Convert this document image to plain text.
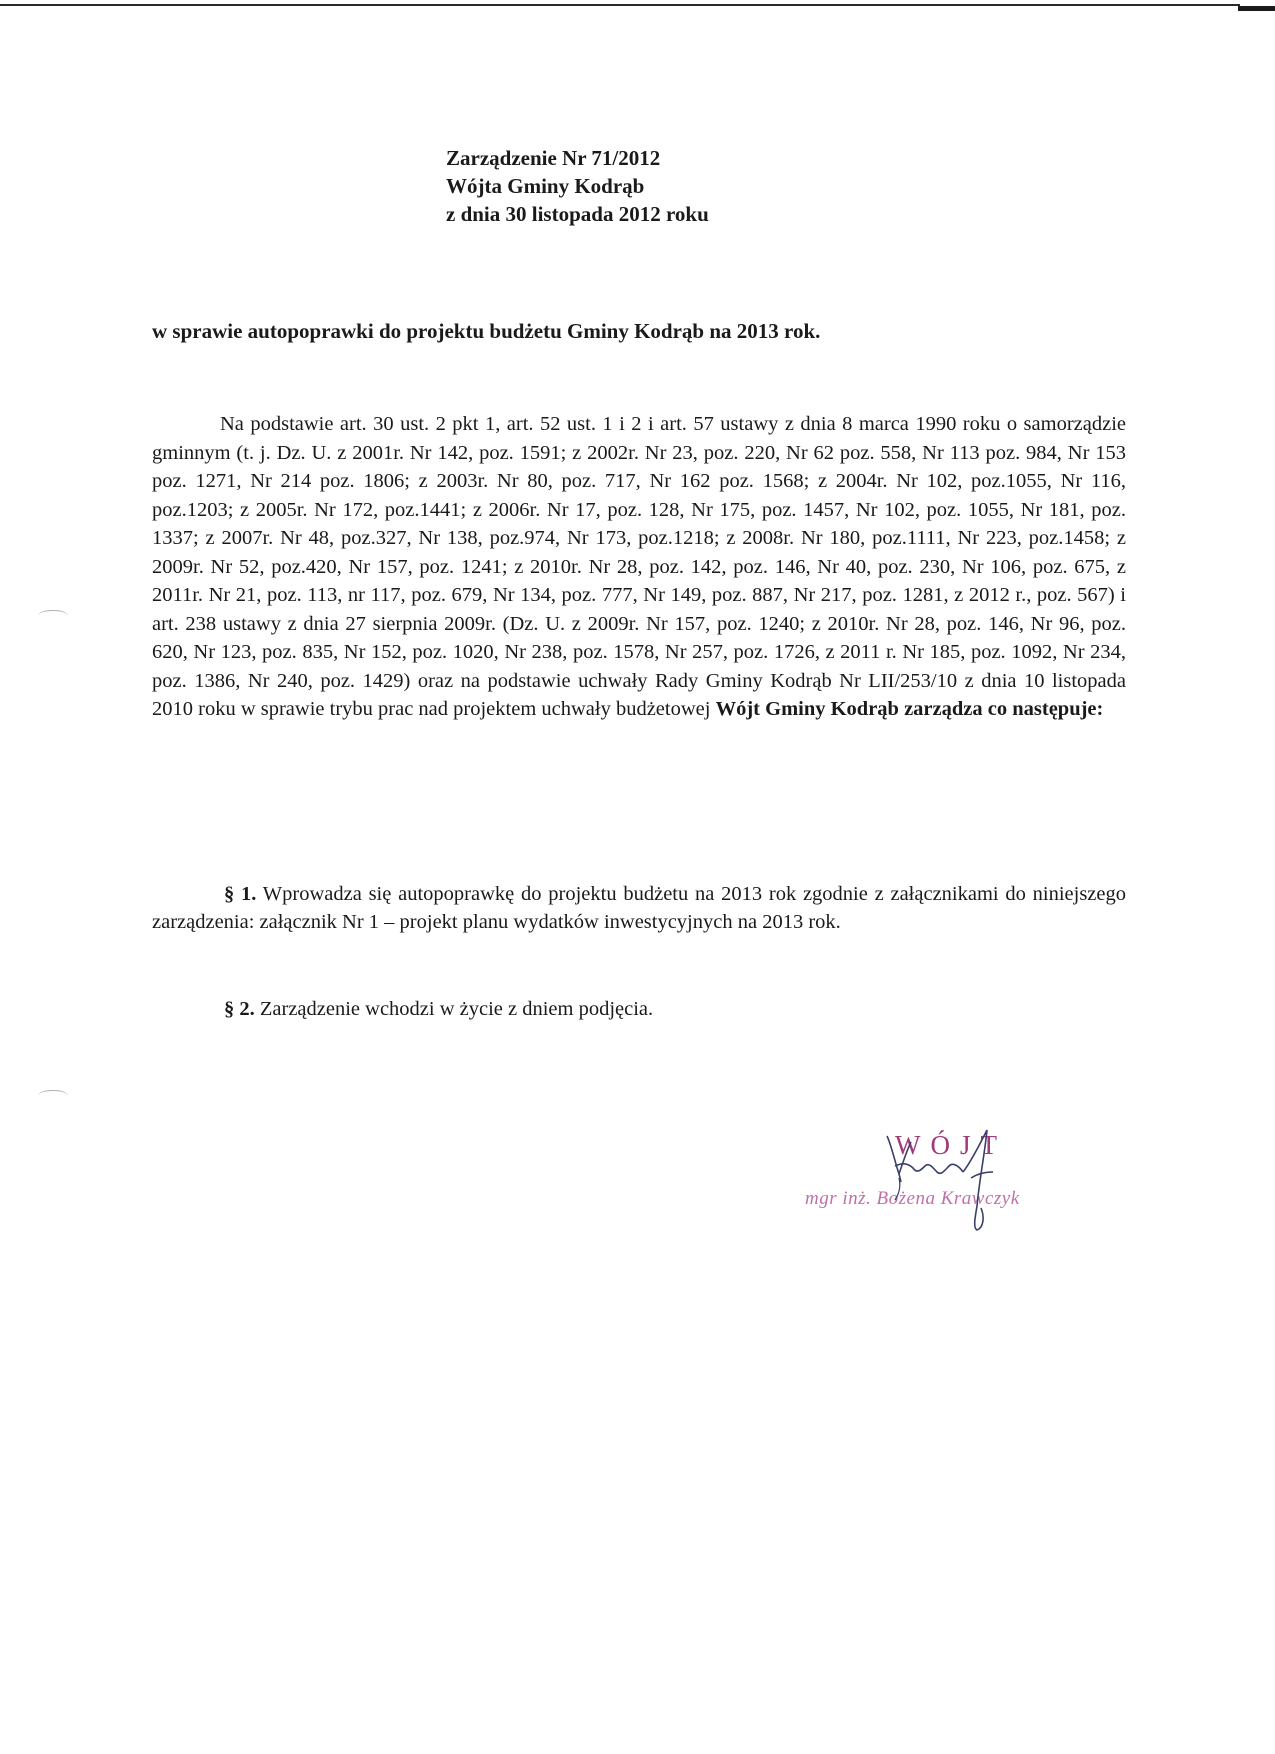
Zarządzenie Nr 71/2012
Wójta Gminy Kodrąb
z dnia 30 listopada 2012 roku
w sprawie autopoprawki do projektu budżetu Gminy Kodrąb na 2013 rok.

Na podstawie art. 30 ust. 2 pkt 1, art. 52 ust. 1 i 2 i art. 57 ustawy z dnia 8 marca 1990 roku o samorządzie gminnym (t. j. Dz. U. z 2001r. Nr 142, poz. 1591; z 2002r. Nr 23, poz. 220, Nr 62 poz. 558, Nr 113 poz. 984, Nr 153 poz. 1271, Nr 214 poz. 1806; z 2003r. Nr 80, poz. 717, Nr 162 poz. 1568; z 2004r. Nr 102, poz.1055, Nr 116, poz.1203; z 2005r. Nr 172, poz.1441; z 2006r. Nr 17, poz. 128, Nr 175, poz. 1457, Nr 102, poz. 1055, Nr 181, poz. 1337; z 2007r. Nr 48, poz.327, Nr 138, poz.974, Nr 173, poz.1218; z 2008r. Nr 180, poz.1111, Nr 223, poz.1458; z 2009r. Nr 52, poz.420, Nr 157, poz. 1241; z 2010r. Nr 28, poz. 142, poz. 146, Nr 40, poz. 230, Nr 106, poz. 675, z 2011r. Nr 21, poz. 113, nr 117, poz. 679, Nr 134, poz. 777, Nr 149, poz. 887, Nr 217, poz. 1281, z 2012 r., poz. 567) i art. 238 ustawy z dnia 27 sierpnia 2009r. (Dz. U. z 2009r. Nr 157, poz. 1240; z 2010r. Nr 28, poz. 146, Nr 96, poz. 620, Nr 123, poz. 835, Nr 152, poz. 1020, Nr 238, poz. 1578, Nr 257, poz. 1726, z 2011 r. Nr 185, poz. 1092, Nr 234, poz. 1386, Nr 240, poz. 1429) oraz na podstawie uchwały Rady Gminy Kodrąb Nr LII/253/10 z dnia 10 listopada 2010 roku w sprawie trybu prac nad projektem uchwały budżetowej Wójt Gminy Kodrąb zarządza co następuje:

§ 1. Wprowadza się autopoprawkę do projektu budżetu na 2013 rok zgodnie z załącznikami do niniejszego zarządzenia: załącznik Nr 1 – projekt planu wydatków inwestycyjnych na 2013 rok.

§ 2. Zarządzenie wchodzi w życie z dniem podjęcia.

WÓJT
mgr inż. Bożena Krawczyk
